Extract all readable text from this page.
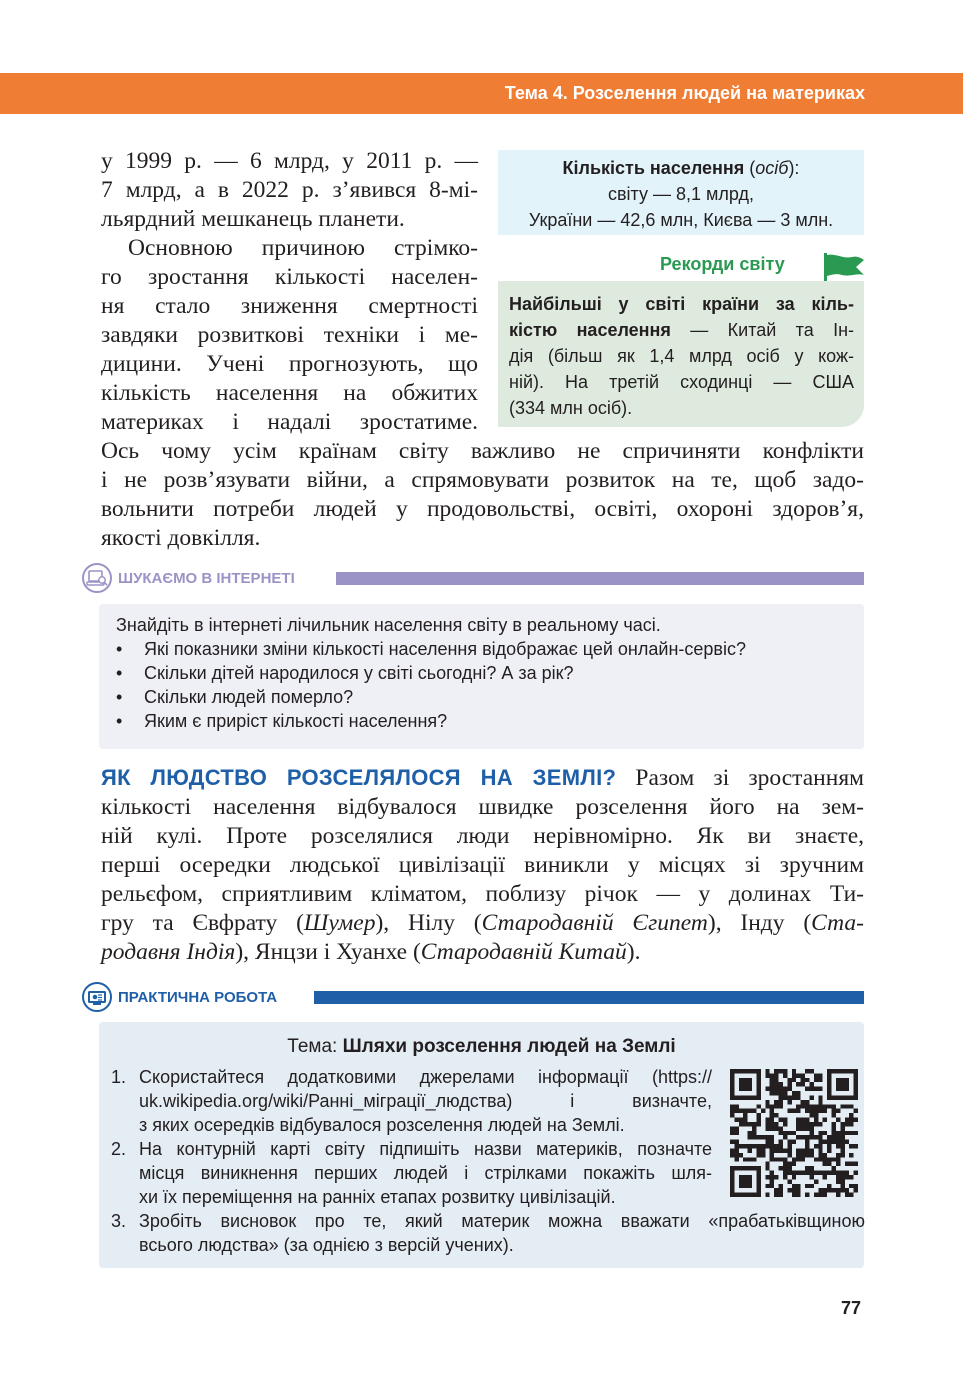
Тема 4. Розселення людей на материках

у 1999 р. — 6 млрд, у 2011 р. —
7 млрд, а в 2022 р. з’явився 8-мі-
льярдний мешканець планети.

Основною причиною стрімко-
го зростання кількості населен-
ня стало зниження смертності
завдяки розвиткові техніки і ме-
дицини. Учені прогнозують, що
кількість населення на обжитих
материках і надалі зростатиме.
Ось чому усім країнам світу важливо не спричиняти конфлікти
і не розв’язувати війни, а спрямовувати розвиток на те, щоб задо-
вольнити потреби людей у продовольстві, освіті, охороні здоров’я,
якості довкілля.

Кількість населення (осіб):
світу — 8,1 млрд,
України — 42,6 млн, Києва — 3 млн.
Рекорди світу
Найбільші у світі країни за кіль-
кістю населення — Китай та Ін-
дія (більш як 1,4 млрд осіб у кож-
ній). На третій сходинці — США
(334 млн осіб).
ШУКАЄМО В ІНТЕРНЕТІ
Знайдіть в інтернеті лічильник населення світу в реальному часі.
• Які показники зміни кількості населення відображає цей онлайн-сервіс?
• Скільки дітей народилося у світі сьогодні? А за рік?
• Скільки людей померло?
• Яким є приріст кількості населення?

ЯК ЛЮДСТВО РОЗСЕЛЯЛОСЯ НА ЗЕМЛІ? Разом зі зростанням
кількості населення відбувалося швидке розселення його на зем-
ній кулі. Проте розселялися люди нерівномірно. Як ви знаєте,
перші осередки людської цивілізації виникли у місцях зі зручним
рельєфом, сприятливим кліматом, поблизу річок — у долинах Ти-
гру та Євфрату (Шумер), Нілу (Стародавній Єгипет), Інду (Ста-
родавня Індія), Янцзи і Хуанхе (Стародавній Китай).

ПРАКТИЧНА РОБОТА
Тема: Шляхи розселення людей на Землі
1. Скористайтеся додатковими джерелами інформації (https://
uk.wikipedia.org/wiki/Ранні_міграції_людства) і визначте,
з яких осередків відбувалося розселення людей на Землі.
2. На контурній карті світу підпишіть назви материків, позначте
місця виникнення перших людей і стрілками покажіть шля-
хи їх переміщення на ранніх етапах розвитку цивілізацій.
3. Зробіть висновок про те, який материк можна вважати «прабатьківщиною
всього людства» (за однією з версій учених).
77
